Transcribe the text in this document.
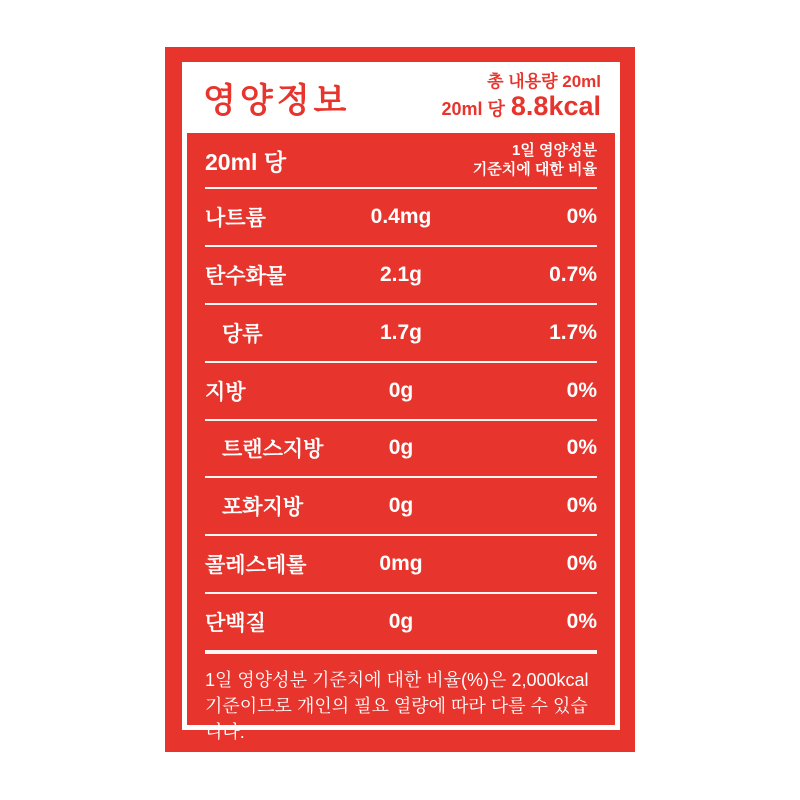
영양정보
총 내용량 20ml
20ml 당 8.8kcal
20ml 당	1일 영양성분
기준치에 대한 비율
나트륨	0.4mg	0%
탄수화물	2.1g	0.7%
당류	1.7g	1.7%
지방	0g	0%
트랜스지방	0g	0%
포화지방	0g	0%
콜레스테롤	0mg	0%
단백질	0g	0%
1일 영양성분 기준치에 대한 비율(%)은 2,000kcal
기준이므로 개인의 필요 열량에 따라 다를 수 있습니다.
